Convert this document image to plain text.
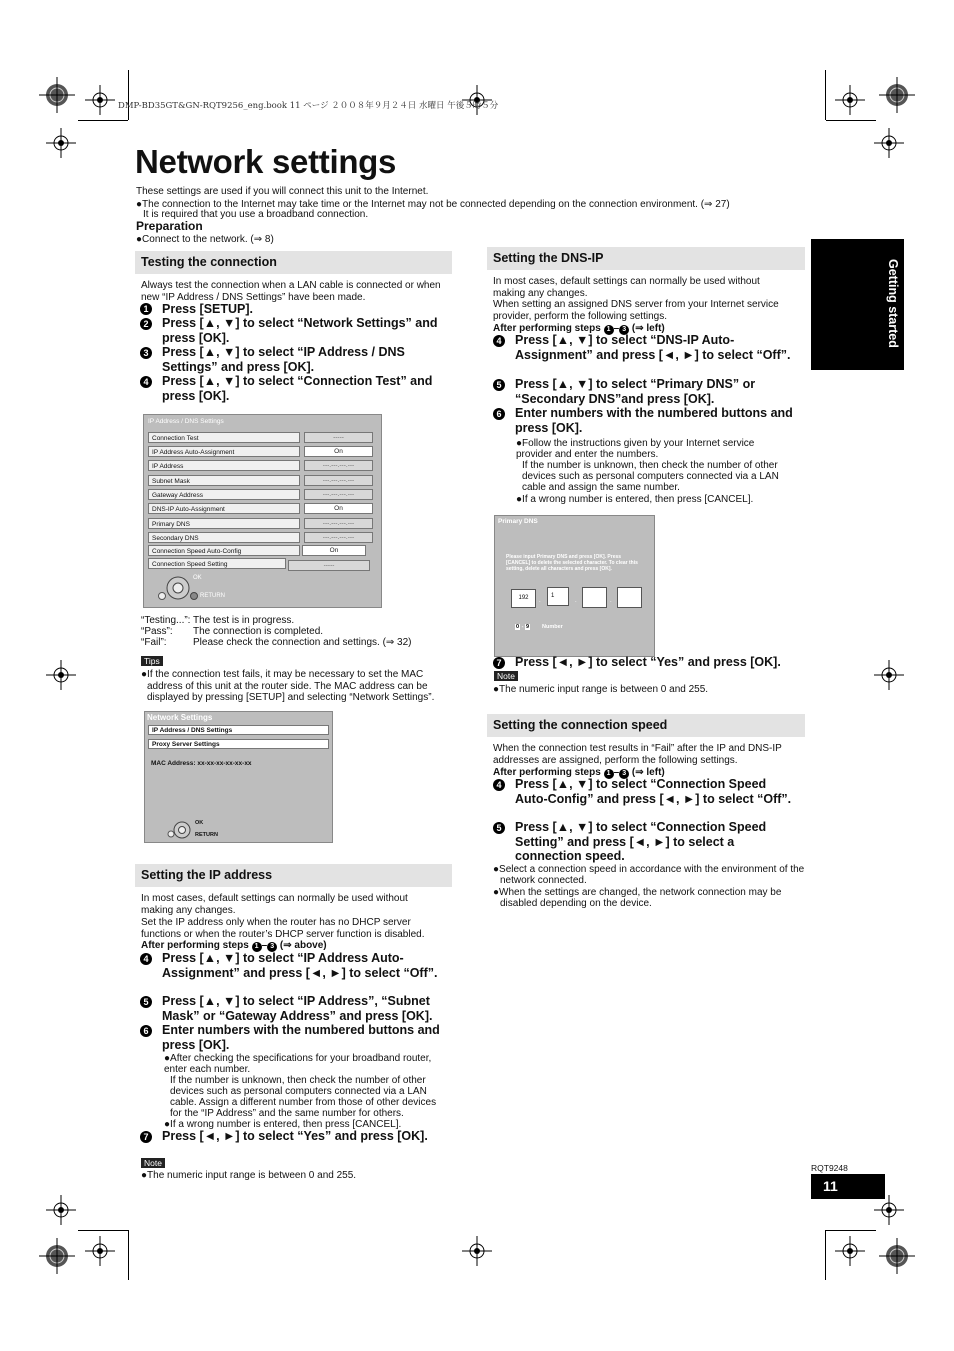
DMP-BD35GT&GN-RQT9256_eng.book 11 ページ ２００８年９月２４日 水曜日 午後５時５分
Network settings
These settings are used if you will connect this unit to the Internet.
●The connection to the Internet may take time or the Internet may not be connected depending on the connection environment. (⇒ 27)
It is required that you use a broadband connection.
Preparation
●Connect to the network. (⇒ 8)
Getting started
Testing the connection
Always test the connection when a LAN cable is connected or when new “IP Address / DNS Settings” have been made.
1 Press [SETUP].
2 Press [▲, ▼] to select “Network Settings” and press [OK].
3 Press [▲, ▼] to select “IP Address / DNS Settings” and press [OK].
4 Press [▲, ▼] to select “Connection Test” and press [OK].
IP Address / DNS Settings
Connection Test	-----
IP Address Auto-Assignment	On
IP Address	---.---.---.---
Subnet Mask	---.---.---.---
Gateway Address	---.---.---.---
DNS-IP Auto-Assignment	On
Primary DNS	---.---.---.---
Secondary DNS	---.---.---.---
Connection Speed Auto-Config	On
Connection Speed Setting	-----
OK
RETURN
“Testing...”: The test is in progress.
“Pass”: The connection is completed.
“Fail”:	Please check the connection and settings. (⇒ 32)
Tips
●If the connection test fails, it may be necessary to set the MAC address of this unit at the router side. The MAC address can be displayed by pressing [SETUP] and selecting “Network Settings”.
Network Settings
IP Address / DNS Settings
Proxy Server Settings
MAC Address: xx-xx-xx-xx-xx-xx
OK
RETURN
Setting the IP address
In most cases, default settings can normally be used without making any changes.
Set the IP address only when the router has no DHCP server functions or when the router’s DHCP server function is disabled.
After performing steps 1 – 3 (⇒ above)
4 Press [▲, ▼] to select “IP Address Auto-Assignment” and press [◄, ►] to select “Off”.
5 Press [▲, ▼] to select “IP Address”, “Subnet Mask” or “Gateway Address” and press [OK].
6 Enter numbers with the numbered buttons and press [OK].
●After checking the specifications for your broadband router, enter each number.
If the number is unknown, then check the number of other devices such as personal computers connected via a LAN cable. Assign a different number from those of other devices for the “IP Address” and the same number for others.
●If a wrong number is entered, then press [CANCEL].
7 Press [◄, ►] to select “Yes” and press [OK].
Note
●The numeric input range is between 0 and 255.
Setting the DNS-IP
In most cases, default settings can normally be used without making any changes.
When setting an assigned DNS server from your Internet service provider, perform the following settings.
After performing steps 1 – 3 (⇒ left)
4 Press [▲, ▼] to select “DNS-IP Auto-Assignment” and press [◄, ►] to select “Off”.
5 Press [▲, ▼] to select “Primary DNS” or “Secondary DNS”and press [OK].
6 Enter numbers with the numbered buttons and press [OK].
●Follow the instructions given by your Internet service provider and enter the numbers.
If the number is unknown, then check the number of other devices such as personal computers connected via a LAN cable and assign the same number.
●If a wrong number is entered, then press [CANCEL].
Primary DNS
Please input Primary DNS and press [OK]. Press [CANCEL] to delete the selected character. To clear this setting, delete all characters and press [OK].
192	1
.	.	.
0 - 9 Number
7 Press [◄, ►] to select “Yes” and press [OK].
Note
●The numeric input range is between 0 and 255.
Setting the connection speed
When the connection test results in “Fail” after the IP and DNS-IP addresses are assigned, perform the following settings.
After performing steps 1 – 3 (⇒ left)
4 Press [▲, ▼] to select “Connection Speed Auto-Config” and press [◄, ►] to select “Off”.
5 Press [▲, ▼] to select “Connection Speed Setting” and press [◄, ►] to select a connection speed.
●Select a connection speed in accordance with the environment of the network connected.
●When the settings are changed, the network connection may be disabled depending on the device.
RQT9248
11
